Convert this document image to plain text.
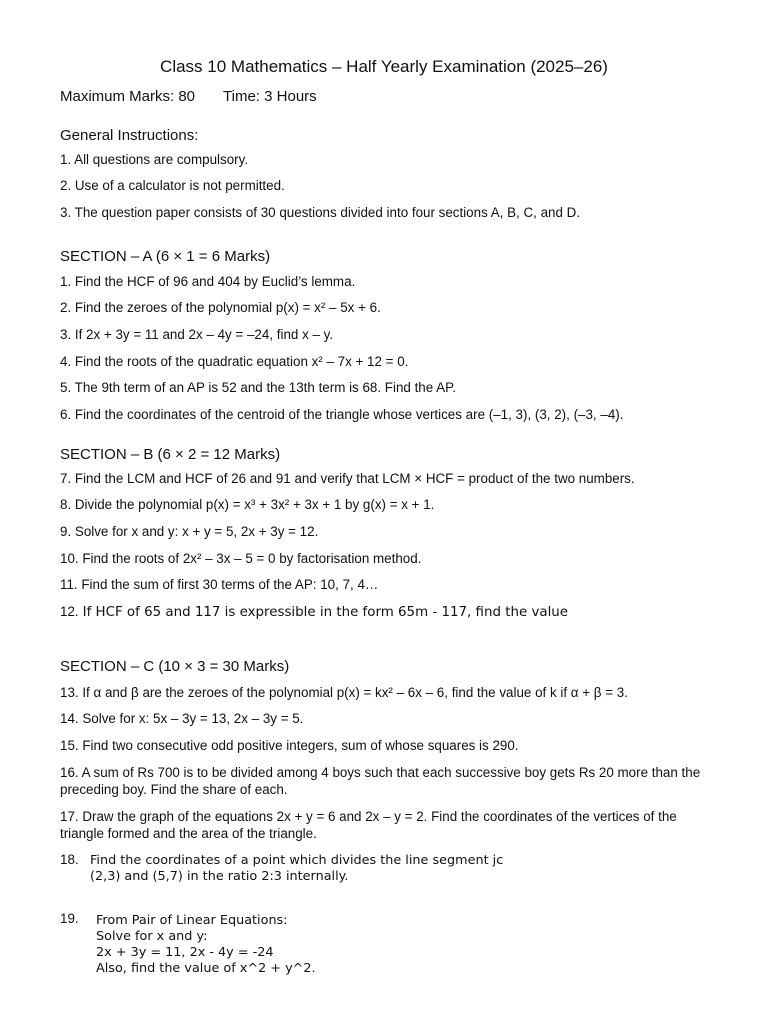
Class 10 Mathematics – Half Yearly Examination (2025–26)
Maximum Marks: 80 Time: 3 Hours
General Instructions:
1. All questions are compulsory.
2. Use of a calculator is not permitted.
3. The question paper consists of 30 questions divided into four sections A, B, C, and D.
SECTION – A (6 × 1 = 6 Marks)
1. Find the HCF of 96 and 404 by Euclid’s lemma.
2. Find the zeroes of the polynomial p(x) = x² – 5x + 6.
3. If 2x + 3y = 11 and 2x – 4y = –24, find x – y.
4. Find the roots of the quadratic equation x² – 7x + 12 = 0.
5. The 9th term of an AP is 52 and the 13th term is 68. Find the AP.
6. Find the coordinates of the centroid of the triangle whose vertices are (–1, 3), (3, 2), (–3, –4).
SECTION – B (6 × 2 = 12 Marks)
7. Find the LCM and HCF of 26 and 91 and verify that LCM × HCF = product of the two numbers.
8. Divide the polynomial p(x) = x³ + 3x² + 3x + 1 by g(x) = x + 1.
9. Solve for x and y: x + y = 5, 2x + 3y = 12.
10. Find the roots of 2x² – 3x – 5 = 0 by factorisation method.
11. Find the sum of first 30 terms of the AP: 10, 7, 4…
12. If HCF of 65 and 117 is expressible in the form 65m - 117, find the value
SECTION – C (10 × 3 = 30 Marks)
13. If α and β are the zeroes of the polynomial p(x) = kx² – 6x – 6, find the value of k if α + β = 3.
14. Solve for x: 5x – 3y = 13, 2x – 3y = 5.
15. Find two consecutive odd positive integers, sum of whose squares is 290.
16. A sum of Rs 700 is to be divided among 4 boys such that each successive boy gets Rs 20 more than the preceding boy. Find the share of each.
17. Draw the graph of the equations 2x + y = 6 and 2x – y = 2. Find the coordinates of the vertices of the triangle formed and the area of the triangle.
18. Find the coordinates of a point which divides the line segment jc
(2,3) and (5,7) in the ratio 2:3 internally.
19. From Pair of Linear Equations:
Solve for x and y:
2x + 3y = 11, 2x - 4y = -24
Also, find the value of x^2 + y^2.
